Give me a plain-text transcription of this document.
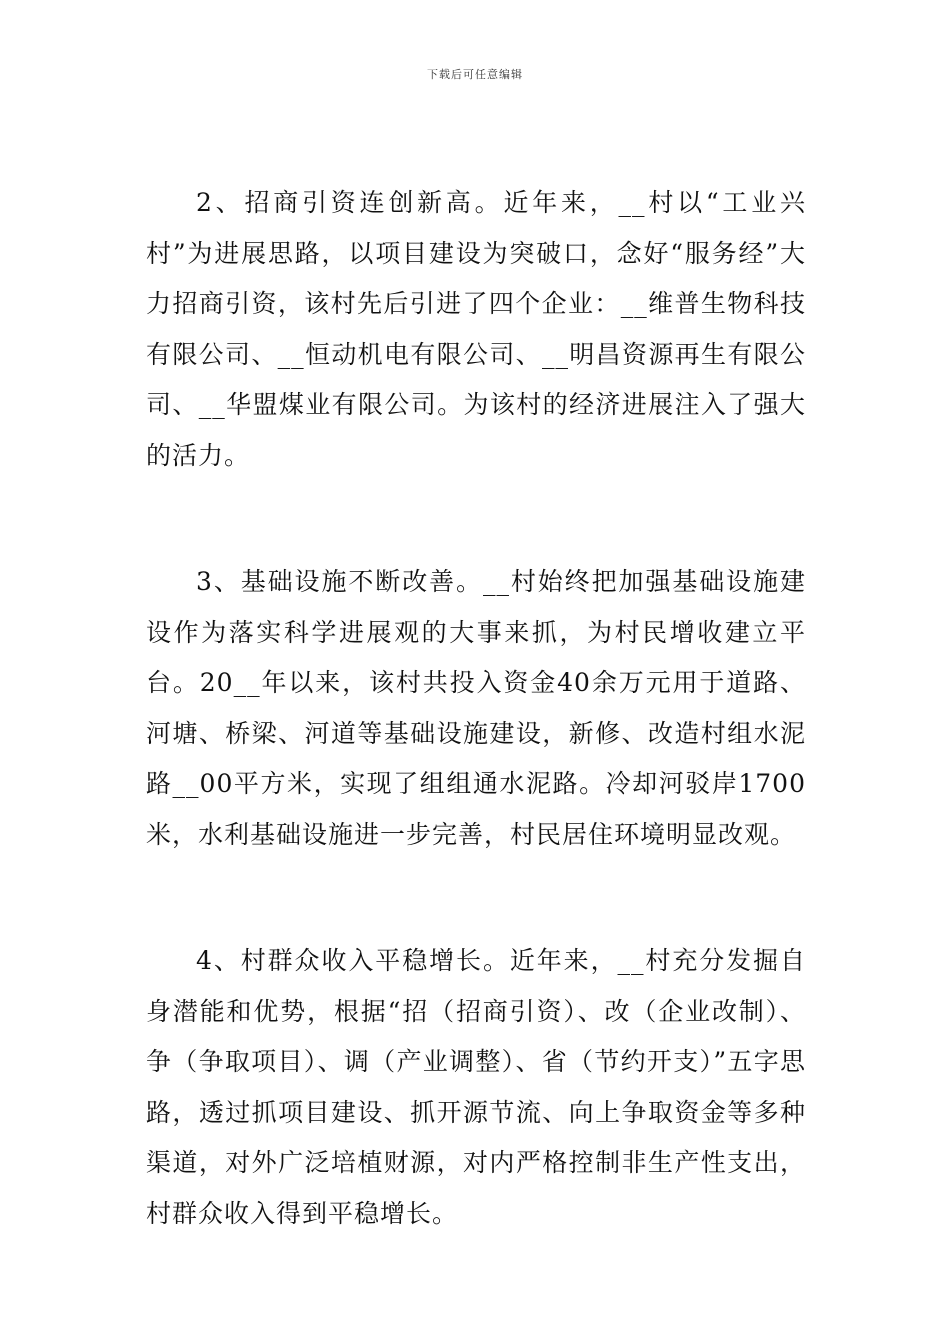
下载后可任意编辑

2、招商引资连创新高。近年来，__村以“工业兴村”为进展思路，以项目建设为突破口，念好“服务经”大力招商引资，该村先后引进了四个企业：__维普生物科技有限公司、__恒动机电有限公司、__明昌资源再生有限公司、__华盟煤业有限公司。为该村的经济进展注入了强大的活力。

3、基础设施不断改善。__村始终把加强基础设施建设作为落实科学进展观的大事来抓，为村民增收建立平台。20__年以来，该村共投入资金40余万元用于道路、河塘、桥梁、河道等基础设施建设，新修、改造村组水泥路__00平方米，实现了组组通水泥路。冷却河驳岸1700米，水利基础设施进一步完善，村民居住环境明显改观。

4、村群众收入平稳增长。近年来，__村充分发掘自身潜能和优势，根据“招（招商引资）、改（企业改制）、争（争取项目）、调（产业调整）、省（节约开支）”五字思路，透过抓项目建设、抓开源节流、向上争取资金等多种渠道，对外广泛培植财源，对内严格控制非生产性支出，村群众收入得到平稳增长。
